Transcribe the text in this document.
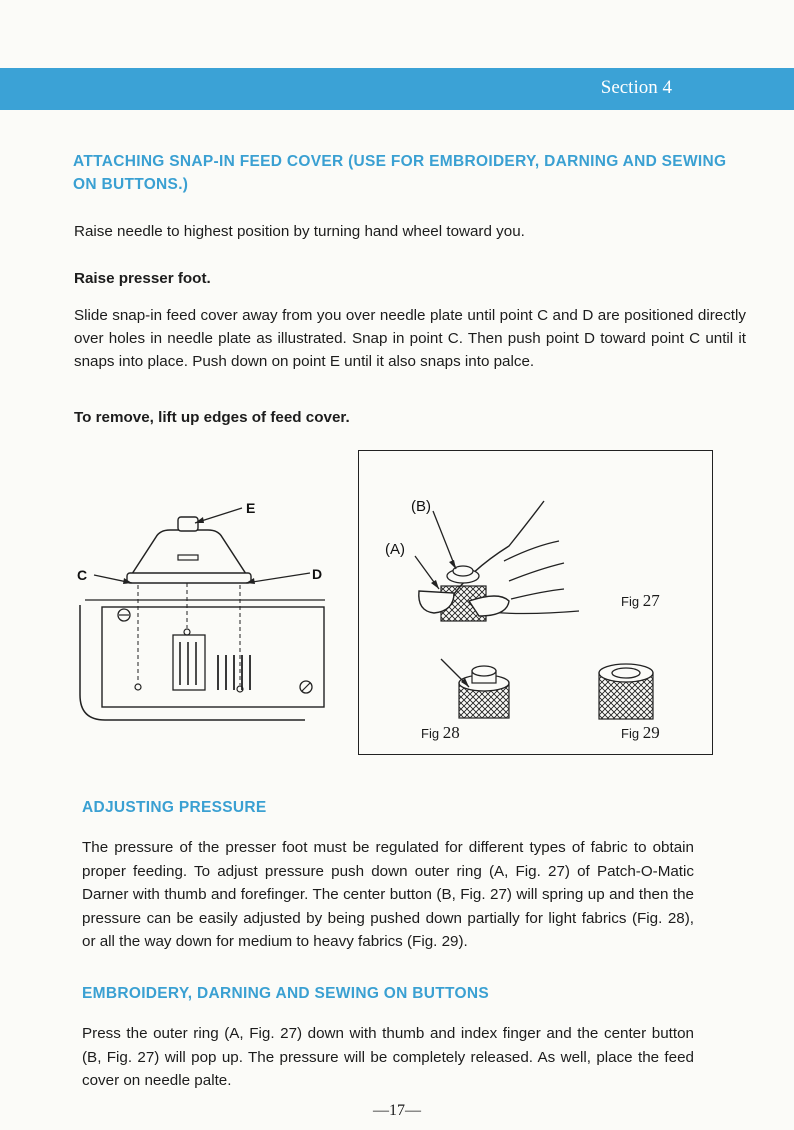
Section 4
ATTACHING SNAP-IN FEED COVER (USE FOR EMBROIDERY, DARNING AND SEWING ON BUTTONS.)
Raise needle to highest position by turning hand wheel toward you.
Raise presser foot.
Slide snap-in feed cover away from you over needle plate until point C and D are positioned directly over holes in needle plate as illustrated. Snap in point C. Then push point D toward point C until it snaps into place. Push down on point E until it also snaps into palce.
To remove, lift up edges of feed cover.
C	D
E	(B)
(A)
Fig 27
Fig 28	Fig 29
ADJUSTING PRESSURE
The pressure of the presser foot must be regulated for different types of fabric to obtain proper feeding. To adjust pressure push down outer ring (A, Fig. 27) of Patch-O-Matic Darner with thumb and forefinger. The center button (B, Fig. 27) will spring up and then the pressure can be easily adjusted by being pushed down partially for light fabrics (Fig. 28), or all the way down for medium to heavy fabrics (Fig. 29).
EMBROIDERY, DARNING AND SEWING ON BUTTONS
Press the outer ring (A, Fig. 27) down with thumb and index finger and the center button (B, Fig. 27) will pop up. The pressure will be completely released. As well, place the feed cover on needle palte.
—17—
